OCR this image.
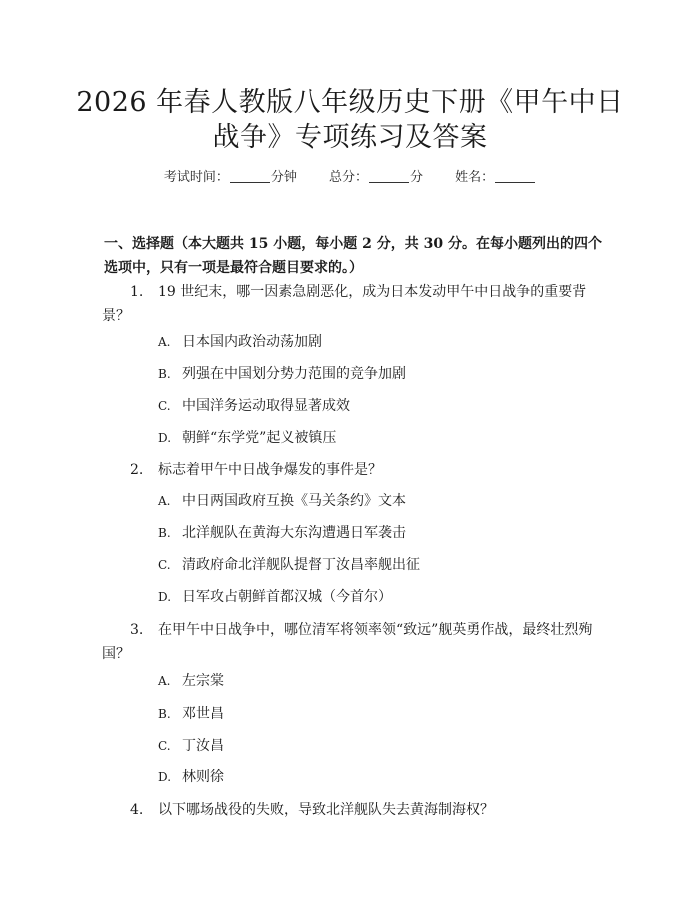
2026 年春人教版八年级历史下册《甲午中日
战争》专项练习及答案
考试时间：	分钟 总分：	分 姓名：
一、选择题（本大题共 15 小题，每小题 2 分，共 30 分。在每小题列出的四个选项中，只有一项是最符合题目要求的。）
1. 19 世纪末，哪一因素急剧恶化，成为日本发动甲午中日战争的重要背
景？
A. 日本国内政治动荡加剧
B. 列强在中国划分势力范围的竞争加剧
C. 中国洋务运动取得显著成效
D. 朝鲜“东学党”起义被镇压
2. 标志着甲午中日战争爆发的事件是？
A. 中日两国政府互换《马关条约》文本
B. 北洋舰队在黄海大东沟遭遇日军袭击
C. 清政府命北洋舰队提督丁汝昌率舰出征
D. 日军攻占朝鲜首都汉城（今首尔）
3. 在甲午中日战争中，哪位清军将领率领“致远”舰英勇作战，最终壮烈殉
国？
A. 左宗棠
B. 邓世昌
C. 丁汝昌
D. 林则徐
4. 以下哪场战役的失败，导致北洋舰队失去黄海制海权？
